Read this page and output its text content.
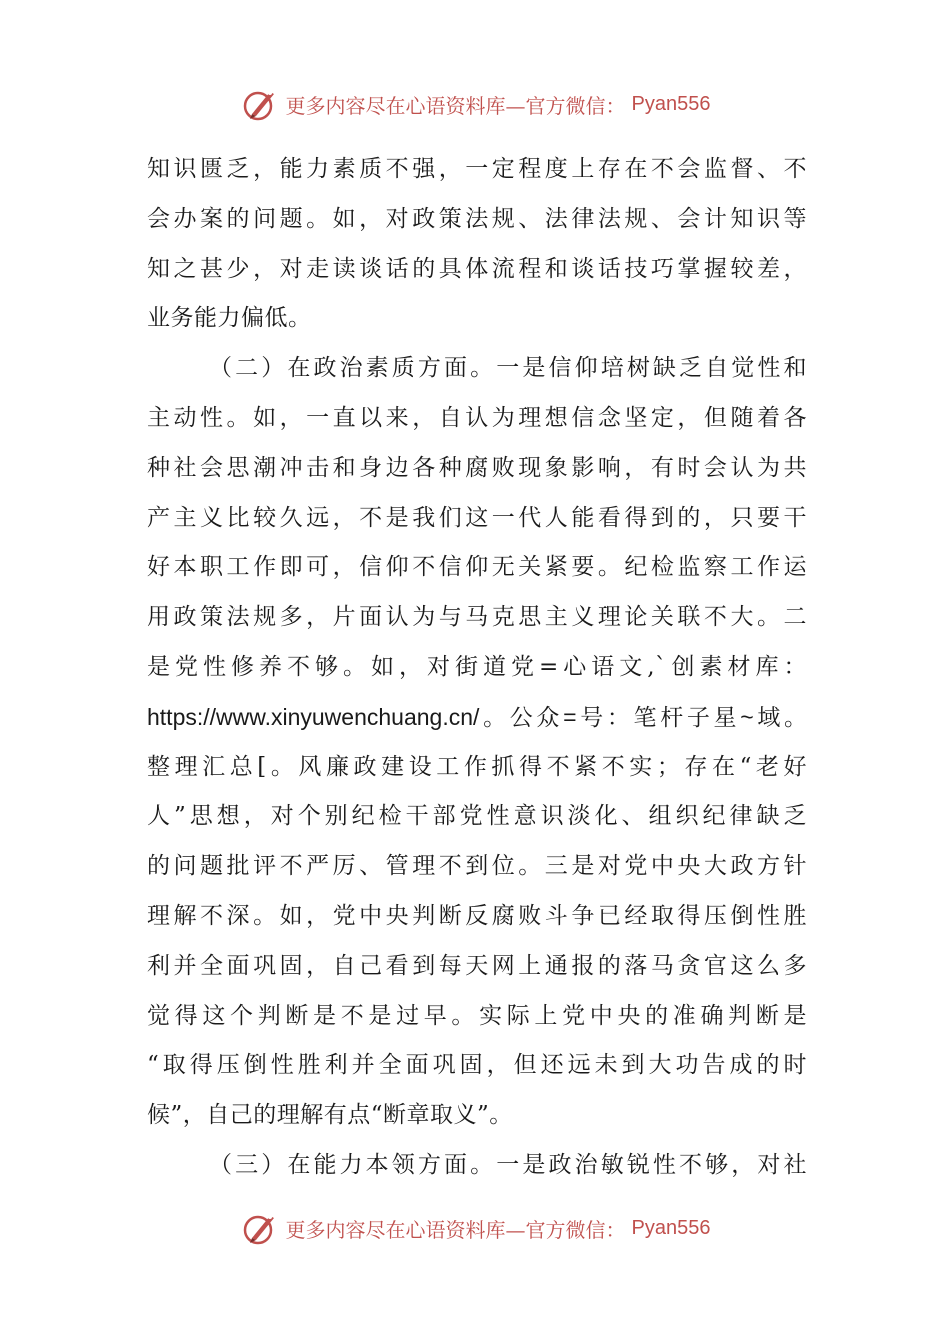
更多内容尽在心语资料库—官方微信： Pyan556
知识匮乏，能力素质不强，一定程度上存在不会监督、不
会办案的问题。如，对政策法规、法律法规、会计知识等
知之甚少，对走读谈话的具体流程和谈话技巧掌握较差，
业务能力偏低。
（二）在政治素质方面。一是信仰培树缺乏自觉性和
主动性。如，一直以来，自认为理想信念坚定，但随着各
种社会思潮冲击和身边各种腐败现象影响，有时会认为共
产主义比较久远，不是我们这一代人能看得到的，只要干
好本职工作即可，信仰不信仰无关紧要。纪检监察工作运
用政策法规多，片面认为与马克思主义理论关联不大。二
是党性修养不够。如，对街道党=心语文,`创素材库：
https://www.xinyuwenchuang.cn/。公众=号：笔杆子星~域。
整理汇总[。风廉政建设工作抓得不紧不实；存在“老好
人”思想，对个别纪检干部党性意识淡化、组织纪律缺乏
的问题批评不严厉、管理不到位。三是对党中央大政方针
理解不深。如，党中央判断反腐败斗争已经取得压倒性胜
利并全面巩固，自己看到每天网上通报的落马贪官这么多
觉得这个判断是不是过早。实际上党中央的准确判断是
“取得压倒性胜利并全面巩固，但还远未到大功告成的时
候”，自己的理解有点“断章取义”。
（三）在能力本领方面。一是政治敏锐性不够，对社
更多内容尽在心语资料库—官方微信： Pyan556
